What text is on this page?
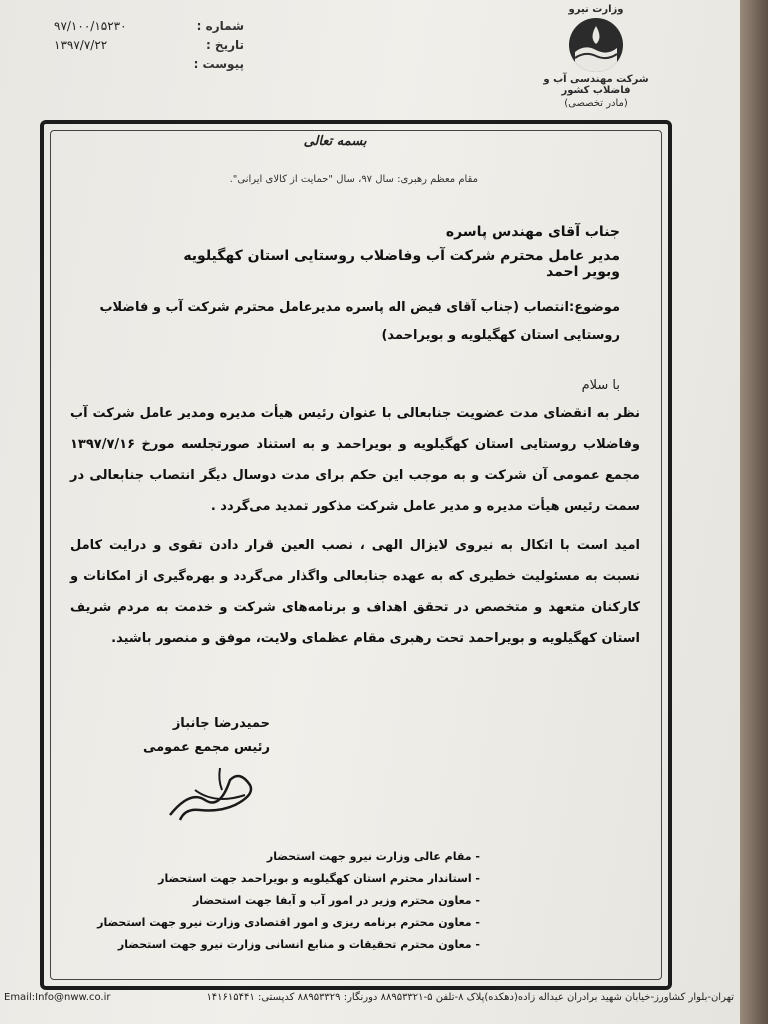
وزارت نیرو
شرکت مهندسی آب و فاضلاب کشور
(مادر تخصصی)
۹۷/۱۰۰/۱۵۲۳۰	شماره :
۱۳۹۷/۷/۲۲	تاریخ :
پیوست :
بسمه تعالی
مقام معظم رهبری: سال ۹۷، سال "حمایت از کالای ایرانی".
جناب آقای مهندس پاسره
مدیر عامل محترم شرکت آب وفاضلاب روستایی استان کهگیلویه وبویر احمد
موضوع:انتصاب (جناب آقای فیض اله پاسره مدیرعامل محترم شرکت آب و فاضلاب روستایی استان کهگیلویه و بویراحمد)
با سلام
نظر به انقضای مدت عضویت جنابعالی با عنوان رئیس هیأت مدیره ومدیر عامل شرکت آب وفاضلاب روستایی استان کهگیلویه و بویراحمد و به استناد صورتجلسه مورخ ۱۳۹۷/۷/۱۶ مجمع عمومی آن شرکت و به موجب این حکم برای مدت دوسال دیگر انتصاب جنابعالی در سمت رئیس هیأت مدیره و مدیر عامل شرکت مذکور تمدید می‌گردد .
امید است با اتکال به نیروی لایزال الهی ، نصب العین قرار دادن تقوی و درایت کامل نسبت به مسئولیت خطیری که به عهده جنابعالی واگذار می‌گردد و بهره‌گیری از امکانات و کارکنان متعهد و متخصص در تحقق اهداف و برنامه‌های شرکت و خدمت به مردم شریف استان کهگیلویه و بویراحمد تحت رهبری مقام عظمای ولایت، موفق و منصور باشید.
حمیدرضا جانباز
رئیس مجمع عمومی
- مقام عالی وزارت نیرو جهت استحضار
- استاندار محترم استان کهگیلویه و بویراحمد جهت استحضار
- معاون محترم وزیر در امور آب و آبفا جهت استحضار
- معاون محترم برنامه ریزی و امور اقتصادی وزارت نیرو جهت استحضار
- معاون محترم تحقیقات و منابع انسانی وزارت نیرو جهت استحضار
Email:Info@nww.co.ir	تهران-بلوار کشاورز-خیابان شهید برادران عبداله زاده(دهکده)پلاک ۸-تلفن ۵-۸۸۹۵۳۳۲۱ دورنگار: ۸۸۹۵۳۳۲۹ کدپستی: ۱۴۱۶۱۵۴۴۱
